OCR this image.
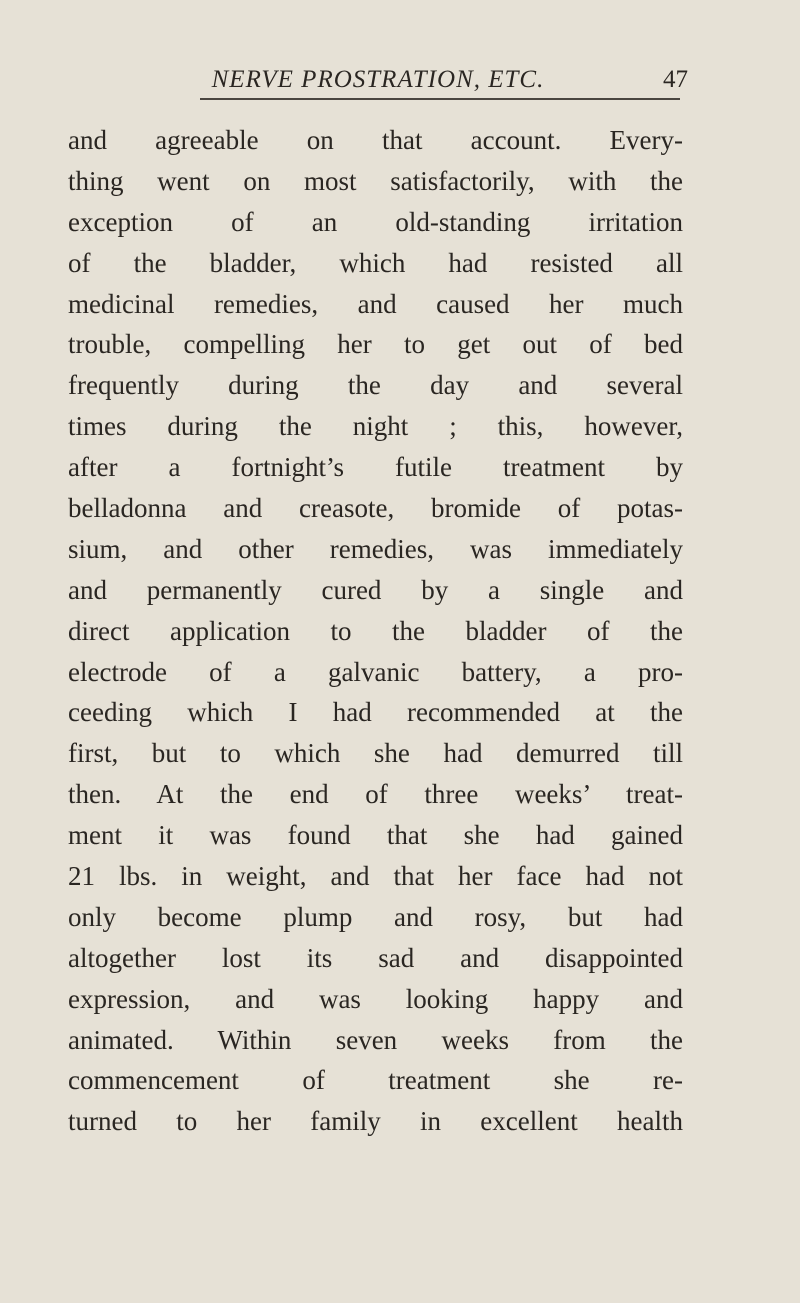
NERVE PROSTRATION, ETC.	47
and agreeable on that account. Every-
thing went on most satisfactorily, with the
exception of an old-standing irritation
of the bladder, which had resisted all
medicinal remedies, and caused her much
trouble, compelling her to get out of bed
frequently during the day and several
times during the night ; this, however,
after a fortnight’s futile treatment by
belladonna and creasote, bromide of potas-
sium, and other remedies, was immediately
and permanently cured by a single and
direct application to the bladder of the
electrode of a galvanic battery, a pro-
ceeding which I had recommended at the
first, but to which she had demurred till
then. At the end of three weeks’ treat-
ment it was found that she had gained
21 lbs. in weight, and that her face had not
only become plump and rosy, but had
altogether lost its sad and disappointed
expression, and was looking happy and
animated. Within seven weeks from the
commencement of treatment she re-
turned to her family in excellent health
